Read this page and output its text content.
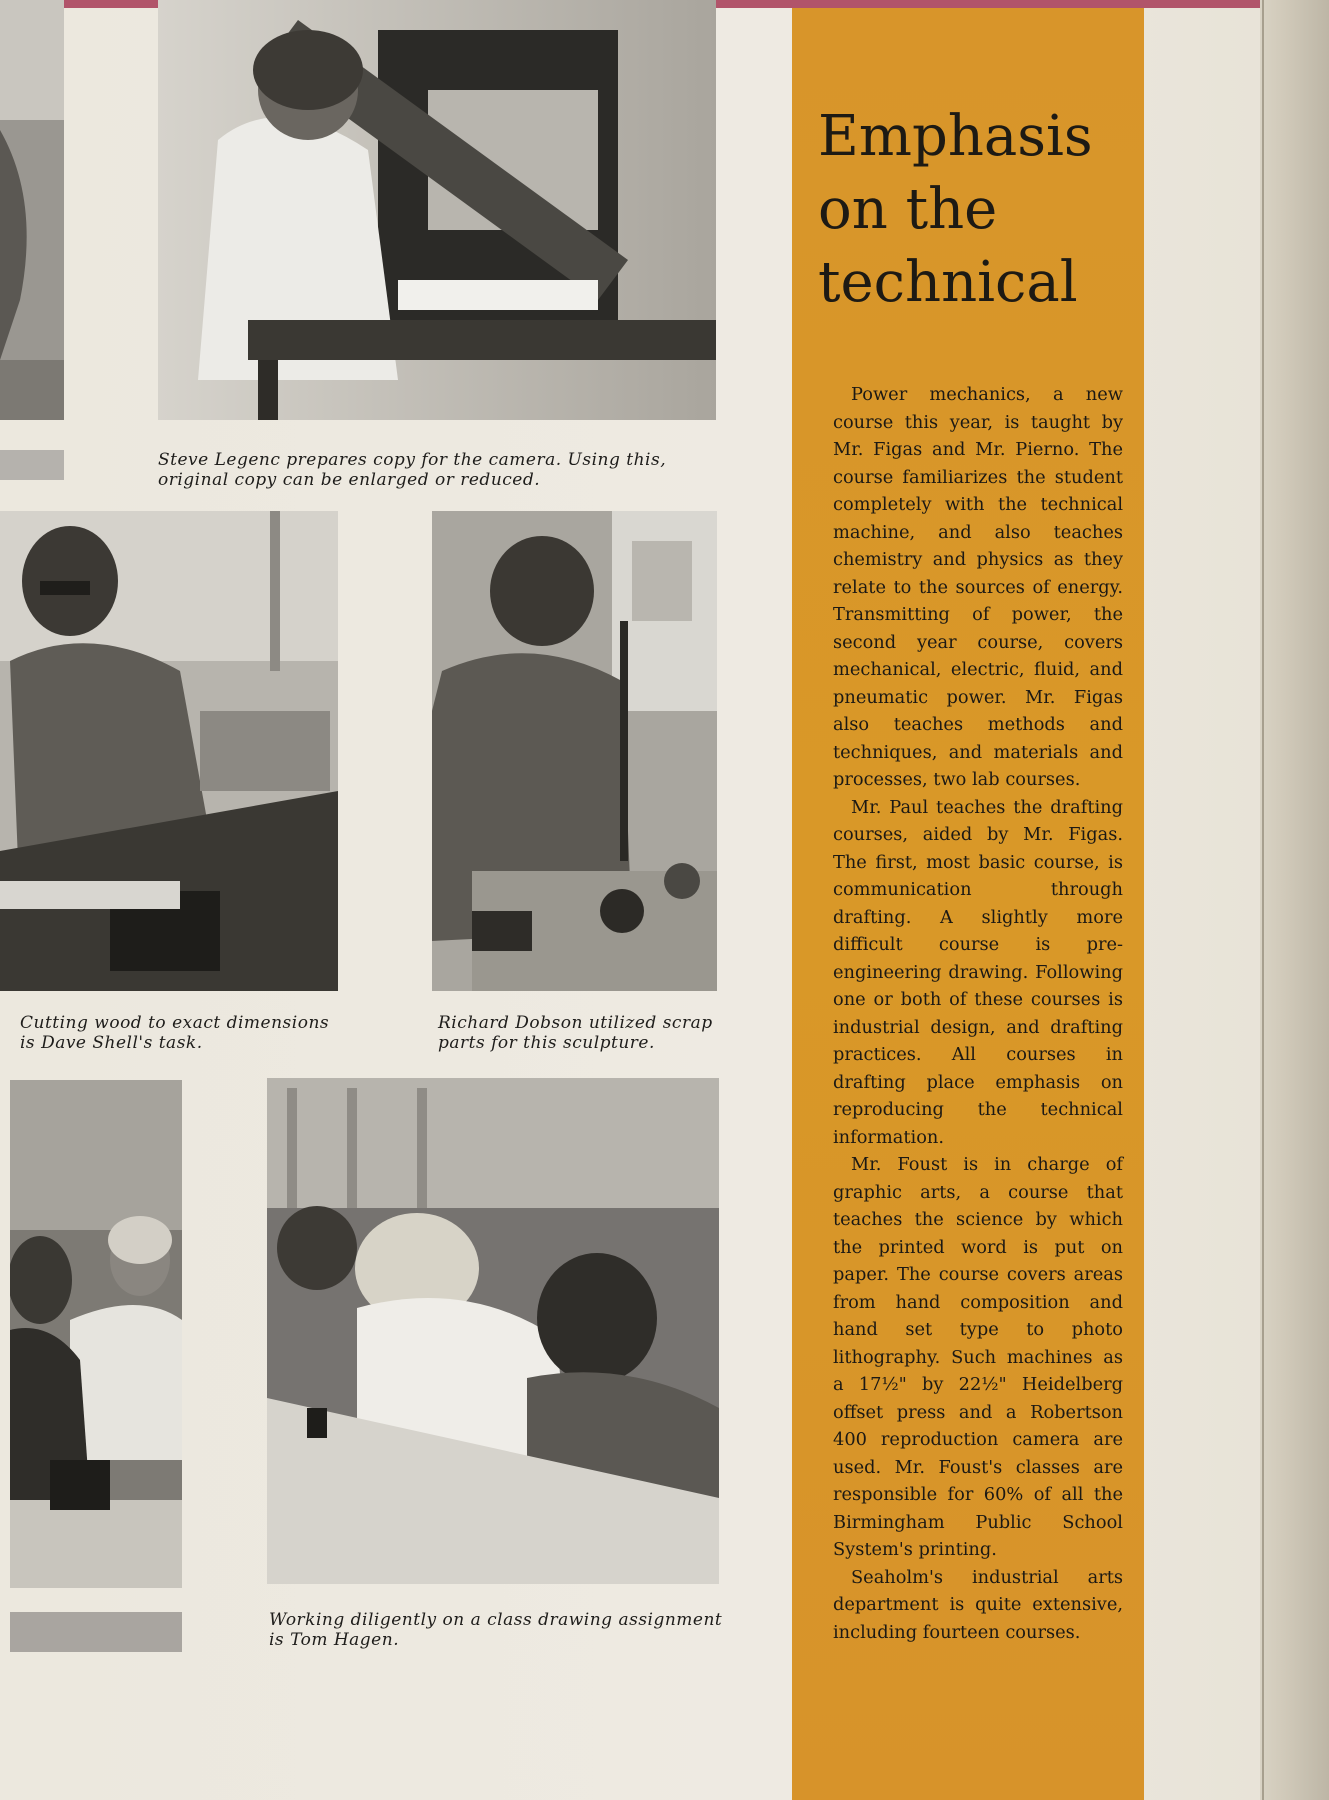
Steve Legenc prepares copy for the camera. Using this,
original copy can be enlarged or reduced.
Cutting wood to exact dimensions
is Dave Shell's task.
Richard Dobson utilized scrap
parts for this sculpture.
Working diligently on a class drawing assignment
is Tom Hagen.
Emphasis
on the
technical

Power mechanics, a new course this year, is taught by Mr. Figas and Mr. Pierno. The course familiarizes the student completely with the technical machine, and also teaches chemistry and physics as they relate to the sources of energy. Transmitting of power, the second year course, covers mechanical, electric, fluid, and pneumatic power. Mr. Figas also teaches methods and techniques, and materials and processes, two lab courses.

Mr. Paul teaches the drafting courses, aided by Mr. Figas. The first, most basic course, is communication through drafting. A slightly more difficult course is pre-engineering drawing. Following one or both of these courses is industrial design, and drafting practices. All courses in drafting place emphasis on reproducing the technical information.

Mr. Foust is in charge of graphic arts, a course that teaches the science by which the printed word is put on paper. The course covers areas from hand composition and hand set type to photo lithography. Such machines as a 17½" by 22½" Heidelberg offset press and a Robertson 400 reproduction camera are used. Mr. Foust's classes are responsible for 60% of all the Birmingham Public School System's printing.

Seaholm's industrial arts department is quite extensive, including fourteen courses.
